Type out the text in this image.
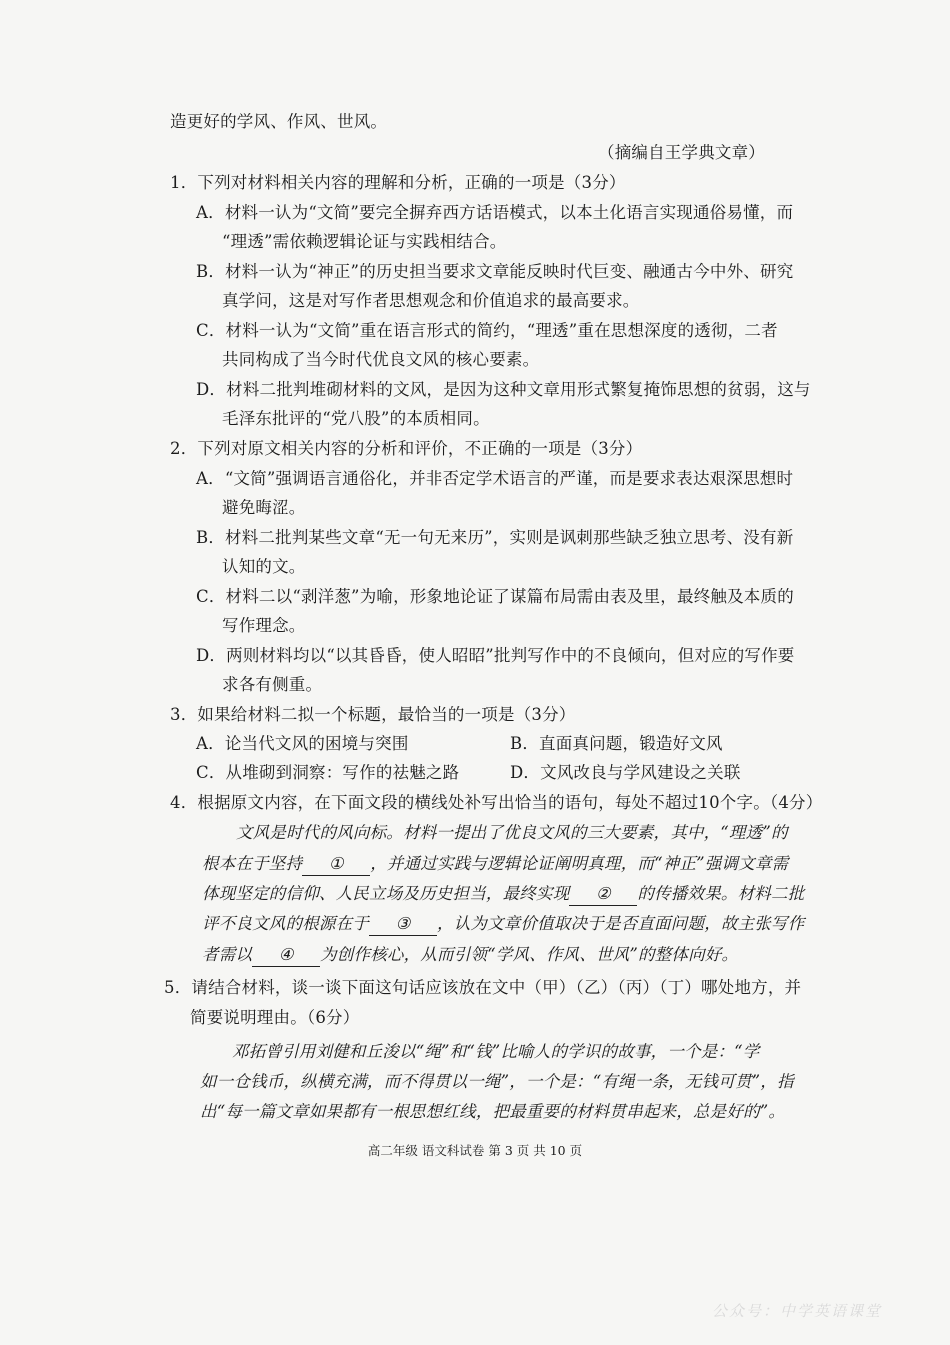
造更好的学风、作风、世风。
（摘编自王学典文章）
1．下列对材料相关内容的理解和分析，正确的一项是（3分）
A．材料一认为“文简”要完全摒弃西方话语模式，以本土化语言实现通俗易懂，而
“理透”需依赖逻辑论证与实践相结合。
B．材料一认为“神正”的历史担当要求文章能反映时代巨变、融通古今中外、研究
真学问，这是对写作者思想观念和价值追求的最高要求。
C．材料一认为“文简”重在语言形式的简约，“理透”重在思想深度的透彻，二者
共同构成了当今时代优良文风的核心要素。
D．材料二批判堆砌材料的文风，是因为这种文章用形式繁复掩饰思想的贫弱，这与
毛泽东批评的“党八股”的本质相同。
2．下列对原文相关内容的分析和评价，不正确的一项是（3分）
A．“文简”强调语言通俗化，并非否定学术语言的严谨，而是要求表达艰深思想时
避免晦涩。
B．材料二批判某些文章“无一句无来历”，实则是讽刺那些缺乏独立思考、没有新
认知的文。
C．材料二以“剥洋葱”为喻，形象地论证了谋篇布局需由表及里，最终触及本质的
写作理念。
D．两则材料均以“以其昏昏，使人昭昭”批判写作中的不良倾向，但对应的写作要
求各有侧重。
3．如果给材料二拟一个标题，最恰当的一项是（3分）
A．论当代文风的困境与突围	B．直面真问题，锻造好文风
C．从堆砌到洞察：写作的祛魅之路	D．文风改良与学风建设之关联
4．根据原文内容，在下面文段的横线处补写出恰当的语句，每处不超过10个字。（4分）
文风是时代的风向标。材料一提出了优良文风的三大要素，其中，“理透”的
根本在于坚持 ① ，并通过实践与逻辑论证阐明真理，而“神正”强调文章需
体现坚定的信仰、人民立场及历史担当，最终实现 ② 的传播效果。材料二批
评不良文风的根源在于 ③ ，认为文章价值取决于是否直面问题，故主张写作
者需以 ④ 为创作核心，从而引领“学风、作风、世风”的整体向好。
5．请结合材料，谈一谈下面这句话应该放在文中（甲）（乙）（丙）（丁）哪处地方，并
简要说明理由。（6分）
邓拓曾引用刘健和丘浚以“绳”和“钱”比喻人的学识的故事，一个是：“学
如一仓钱币，纵横充满，而不得贯以一绳”，一个是：“有绳一条，无钱可贯”，指
出“每一篇文章如果都有一根思想红线，把最重要的材料贯串起来，总是好的”。
高二年级 语文科试卷 第 3 页 共 10 页
公众号：中学英语课堂
